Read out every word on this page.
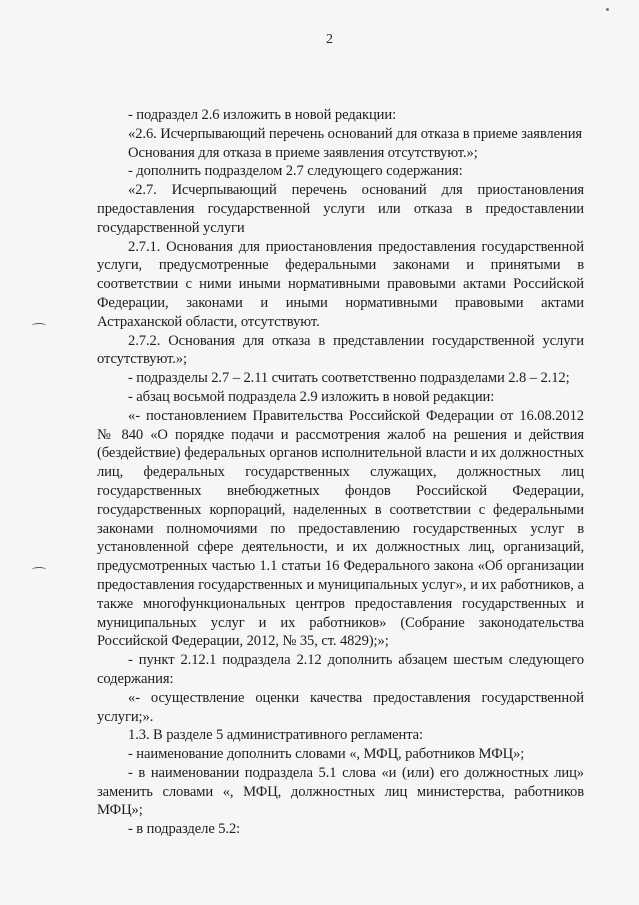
2

- подраздел 2.6 изложить в новой редакции:

«2.6. Исчерпывающий перечень оснований для отказа в приеме заявления

Основания для отказа в приеме заявления отсутствуют.»;

- дополнить подразделом 2.7 следующего содержания:

«2.7. Исчерпывающий перечень оснований для приостановления предоставления государственной услуги или отказа в предоставлении государственной услуги

2.7.1. Основания для приостановления предоставления государственной услуги, предусмотренные федеральными законами и принятыми в соответствии с ними иными нормативными правовыми актами Российской Федерации, законами и иными нормативными правовыми актами Астраханской области, отсутствуют.

2.7.2. Основания для отказа в представлении государственной услуги отсутствуют.»;

- подразделы 2.7 – 2.11 считать соответственно подразделами 2.8 – 2.12;

- абзац восьмой подраздела 2.9 изложить в новой редакции:

«- постановлением Правительства Российской Федерации от 16.08.2012 № 840 «О порядке подачи и рассмотрения жалоб на решения и действия (бездействие) федеральных органов исполнительной власти и их должностных лиц, федеральных государственных служащих, должностных лиц государственных внебюджетных фондов Российской Федерации, государственных корпораций, наделенных в соответствии с федеральными законами полномочиями по предоставлению государственных услуг в установленной сфере деятельности, и их должностных лиц, организаций, предусмотренных частью 1.1 статьи 16 Федерального закона «Об организации предоставления государственных и муниципальных услуг», и их работников, а также многофункциональных центров предоставления государственных и муниципальных услуг и их работников» (Собрание законодательства Российской Федерации, 2012, № 35, ст. 4829);»;

- пункт 2.12.1 подраздела 2.12 дополнить абзацем шестым следующего содержания:

«- осуществление оценки качества предоставления государственной услуги;».

1.3. В разделе 5 административного регламента:

- наименование дополнить словами «, МФЦ, работников МФЦ»;

- в наименовании подраздела 5.1 слова «и (или) его должностных лиц» заменить словами «, МФЦ, должностных лиц министерства, работников МФЦ»;

- в подразделе 5.2:
